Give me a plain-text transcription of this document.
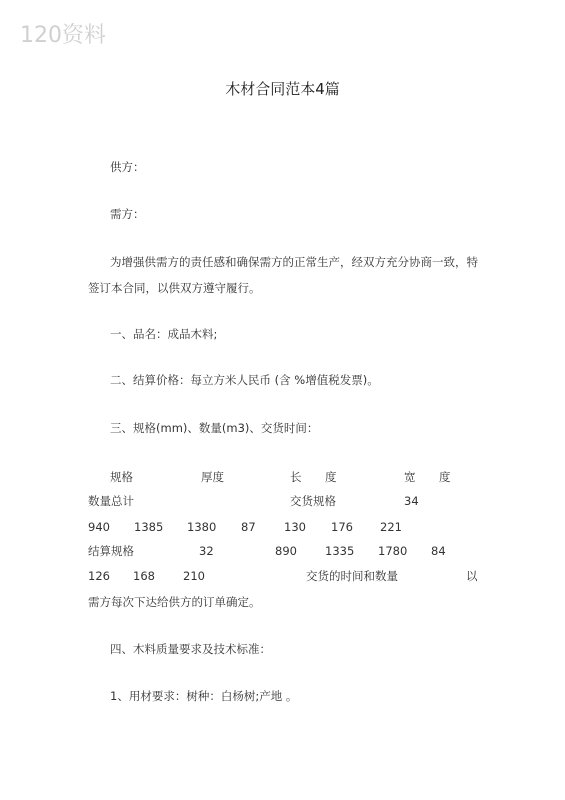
120资料
木材合同范本4篇
供方：
需方：
为增强供需方的责任感和确保需方的正常生产，经双方充分协商一致，特签订本合同，以供双方遵守履行。
一、品名：成品木料;
二、结算价格：每立方米人民币 (含 %增值税发票)。
三、规格(mm)、数量(m3)、交货时间：
规格	厚度	长 度	宽 度
数量总计	交货规格	34
940 1385 1380 87 130 176 221
结算规格	32	890 1335 1780 84
126 168 210	交货的时间和数量	以
需方每次下达给供方的订单确定。
四、木料质量要求及技术标准：
1、用材要求：树种：白杨树;产地 。
